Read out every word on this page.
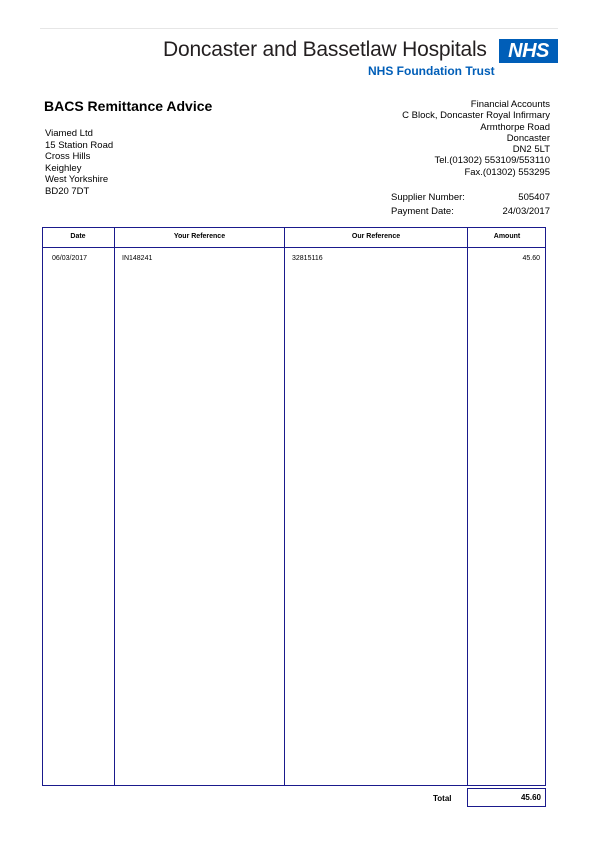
Doncaster and Bassetlaw Hospitals
NHS Foundation Trust
NHS
BACS Remittance Advice
Viamed Ltd
15 Station Road
Cross Hills
Keighley
West Yorkshire
BD20 7DT
Financial Accounts
C Block, Doncaster Royal Infirmary
Armthorpe Road
Doncaster
DN2 5LT
Tel.(01302) 553109/553110
Fax.(01302) 553295
Supplier Number:	505407
Payment Date:	24/03/2017
Date	Your Reference	Our Reference	Amount
06/03/2017	IN148241	32815116	45.60
Total	45.60
